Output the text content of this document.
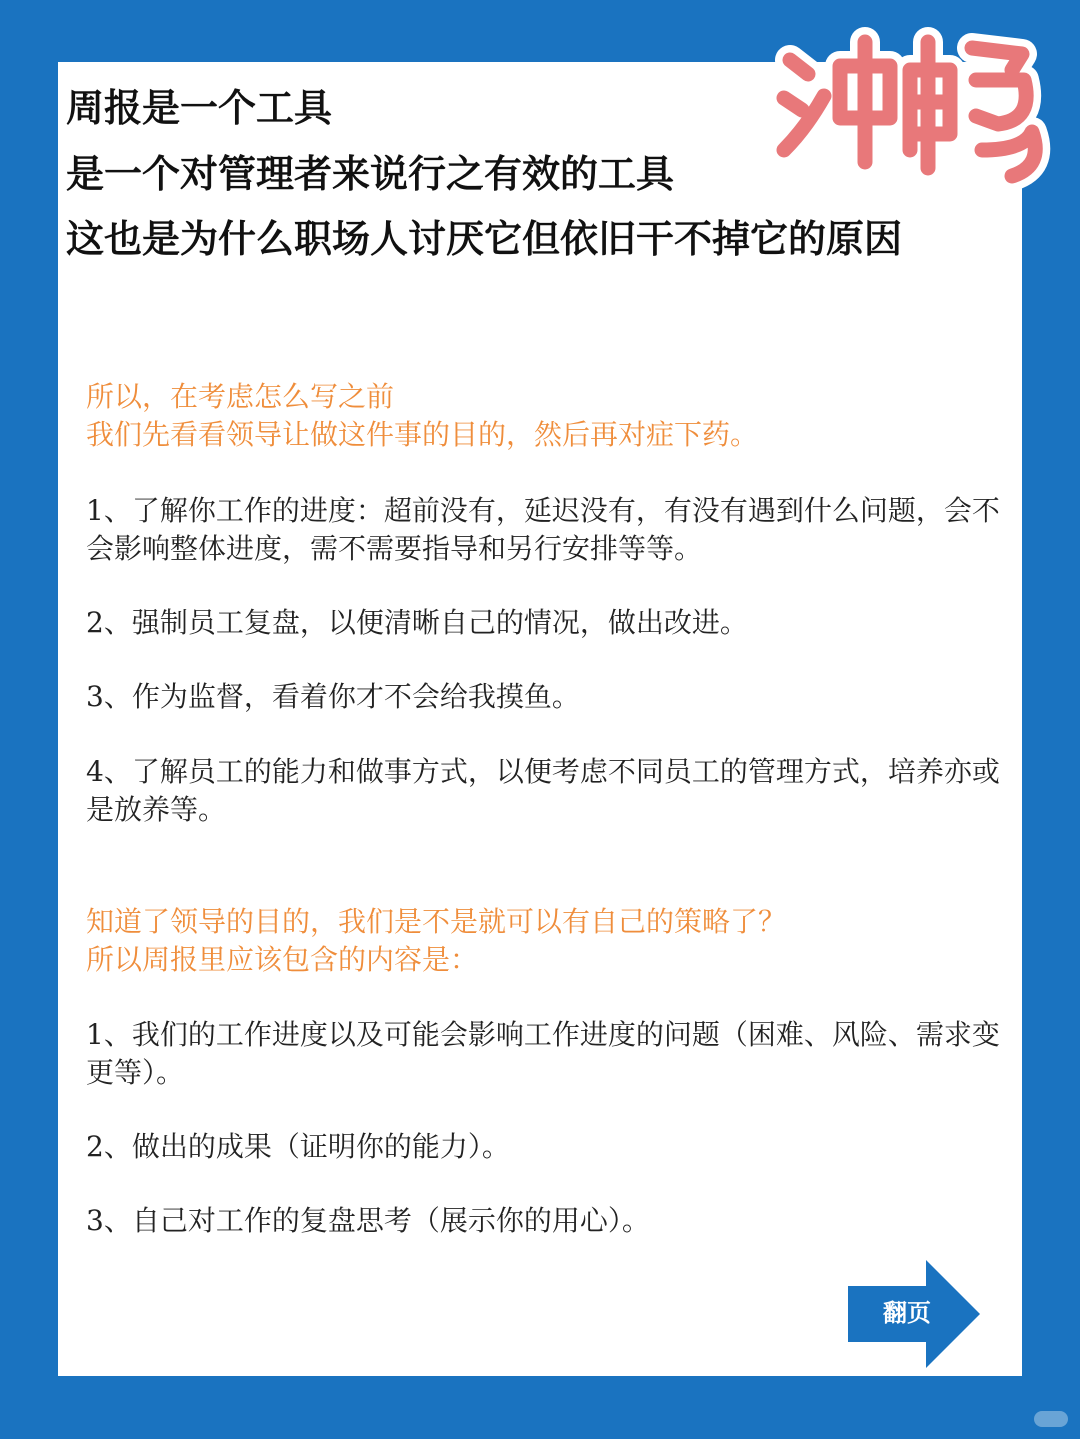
周报是一个工具
是一个对管理者来说行之有效的工具
这也是为什么职场人讨厌它但依旧干不掉它的原因

所以，在考虑怎么写之前
我们先看看领导让做这件事的目的，然后再对症下药。

1、了解你工作的进度：超前没有，延迟没有，有没有遇到什么问题，会不会影响整体进度，需不需要指导和另行安排等等。

2、强制员工复盘，以便清晰自己的情况，做出改进。

3、作为监督，看着你才不会给我摸鱼。

4、了解员工的能力和做事方式，以便考虑不同员工的管理方式，培养亦或是放养等。

知道了领导的目的，我们是不是就可以有自己的策略了？
所以周报里应该包含的内容是：

1、我们的工作进度以及可能会影响工作进度的问题（困难、风险、需求变更等）。

2、做出的成果（证明你的能力）。

3、自己对工作的复盘思考（展示你的用心）。

翻页
